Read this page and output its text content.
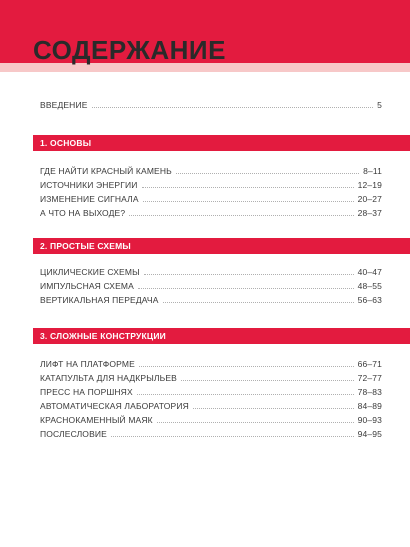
СОДЕРЖАНИЕ
ВВЕДЕНИЕ	5
1. ОСНОВЫ
ГДЕ НАЙТИ КРАСНЫЙ КАМЕНЬ	8–11
ИСТОЧНИКИ ЭНЕРГИИ	12–19
ИЗМЕНЕНИЕ СИГНАЛА	20–27
А ЧТО НА ВЫХОДЕ?	28–37
2. ПРОСТЫЕ СХЕМЫ
ЦИКЛИЧЕСКИЕ СХЕМЫ	40–47
ИМПУЛЬСНАЯ СХЕМА	48–55
ВЕРТИКАЛЬНАЯ ПЕРЕДАЧА	56–63
3. СЛОЖНЫЕ КОНСТРУКЦИИ
ЛИФТ НА ПЛАТФОРМЕ	66–71
КАТАПУЛЬТА ДЛЯ НАДКРЫЛЬЕВ	72–77
ПРЕСС НА ПОРШНЯХ	78–83
АВТОМАТИЧЕСКАЯ ЛАБОРАТОРИЯ	84–89
КРАСНОКАМЕННЫЙ МАЯК	90–93
ПОСЛЕСЛОВИЕ	94–95
